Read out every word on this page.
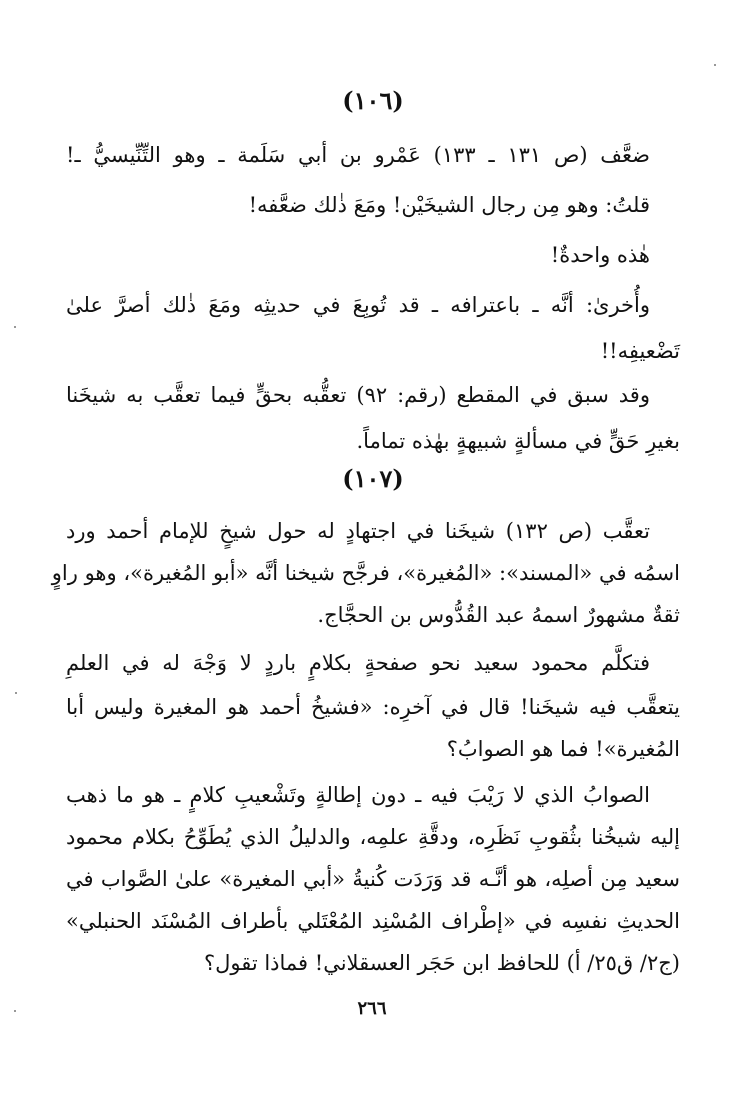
(١٠٦)
ضعَّف (ص ١٣١ ـ ١٣٣) عَمْرو بن أبي سَلَمة ـ وهو التِّنِّيسيُّ ـ!
قلتُ: وهو مِن رجال الشيخَيْن! ومَعَ ذٰلك ضعَّفه!
هٰذه واحدةٌ!
وأُخرىٰ: أنَّه ـ باعترافه ـ قد تُوبِعَ في حديثِه ومَعَ ذٰلك أصرَّ علىٰ
تَضْعيفِه!!
وقد سبق في المقطع (رقم: ٩٢) تعقُّبه بحقٍّ فيما تعقَّب به شيخَنا
بغيرِ حَقٍّ في مسألةٍ شبيهةٍ بهٰذه تماماً.
(١٠٧)
تعقَّب (ص ١٣٢) شيخَنا في اجتهادٍ له حول شيخٍ للإمام أحمد ورد
اسمُه في «المسند»: «المُغيرة»، فرجَّح شيخنا أنَّه «أبو المُغيرة»، وهو راوٍ
ثقةٌ مشهورٌ اسمهُ عبد القُدُّوس بن الحجَّاج.
فتكلَّم محمود سعيد نحو صفحةٍ بكلامٍ باردٍ لا وَجْهَ له في العلمِ
يتعقَّب فيه شيخَنا! قال في آخرِه: «فشيخُ أحمد هو المغيرة وليس أبا
المُغيرة»! فما هو الصوابُ؟
الصوابُ الذي لا رَيْبَ فيه ـ دون إطالةٍ وتَشْعيبِ كلامٍ ـ هو ما ذهب
إليه شيخُنا بثُقوبِ نَظَرِه، ودقَّةِ علمِه، والدليلُ الذي يُطَوِّحُ بكلام محمود
سعيد مِن أصلِه، هو أنَّـه قد وَرَدَت كُنيةُ «أبي المغيرة» علىٰ الصَّواب في
الحديثِ نفسِه في «إطْراف المُسْنِد المُعْتَلي بأطراف المُسْنَد الحنبلي»
(ج٢/ ق٢٥/ أ) للحافظ ابن حَجَر العسقلاني! فماذا تقول؟
٢٦٦
